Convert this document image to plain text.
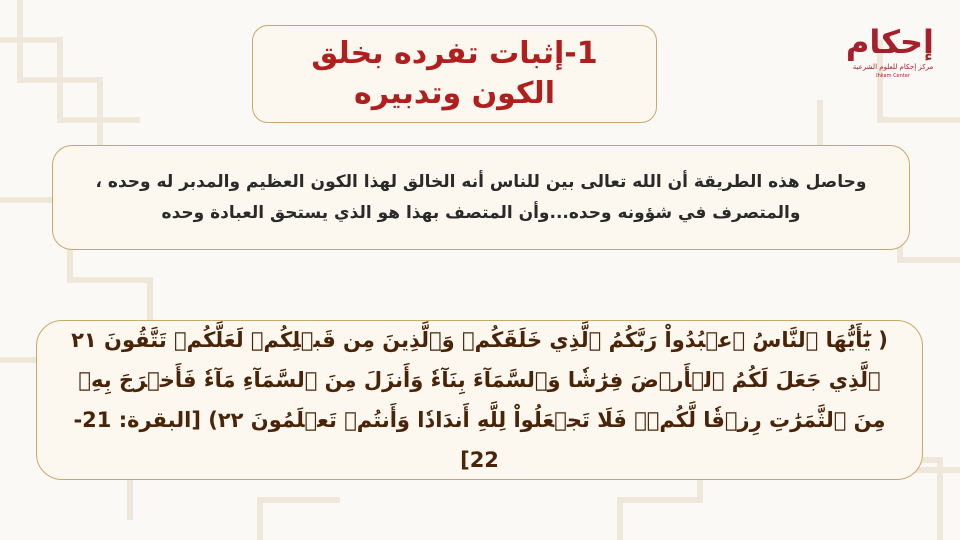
إحكام
مركز إحكام للعلوم الشرعية
Ihkam Center
1-إثبات تفرده بخلق الكون وتدبيره
وحاصل هذه الطريقة أن الله تعالى بين للناس أنه الخالق لهذا الكون العظيم والمدبر له وحده ، والمتصرف في شؤونه وحده...وأن المتصف بهذا هو الذي يستحق العبادة وحده
( يَٰٓأَيُّهَا ٱلنَّاسُ ٱعۡبُدُواْ رَبَّكُمُ ٱلَّذِي خَلَقَكُمۡ وَٱلَّذِينَ مِن قَبۡلِكُمۡ لَعَلَّكُمۡ تَتَّقُونَ ٢١ ٱلَّذِي جَعَلَ لَكُمُ ٱلۡأَرۡضَ فِرَٰشٗا وَٱلسَّمَآءَ بِنَآءٗ وَأَنزَلَ مِنَ ٱلسَّمَآءِ مَآءٗ فَأَخۡرَجَ بِهِۦ مِنَ ٱلثَّمَرَٰتِ رِزۡقٗا لَّكُمۡۖ فَلَا تَجۡعَلُواْ لِلَّهِ أَندَادٗا وَأَنتُمۡ تَعۡلَمُونَ ٢٢) [البقرة: 21-22]
